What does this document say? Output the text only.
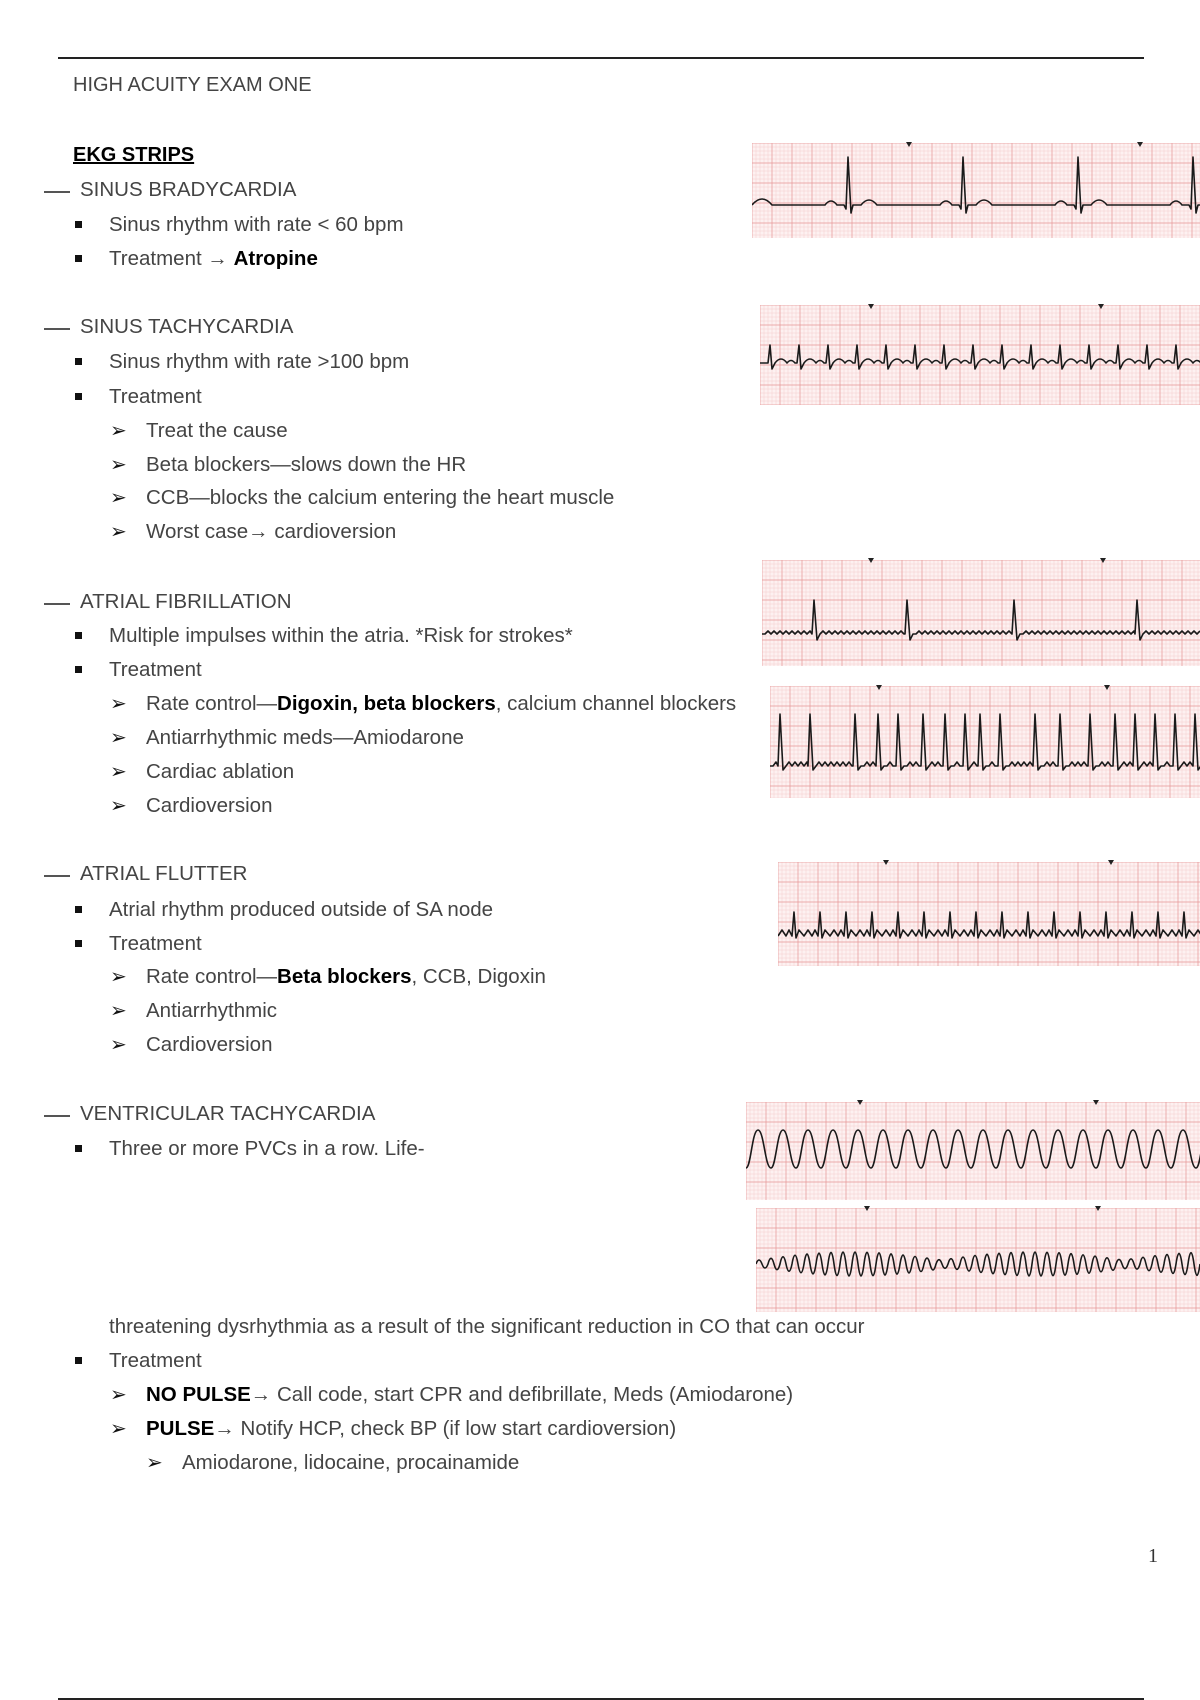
HIGH ACUITY EXAM ONE
EKG STRIPS
SINUS BRADYCARDIA
Sinus rhythm with rate < 60 bpm
Treatment → Atropine
SINUS TACHYCARDIA
Sinus rhythm with rate >100 bpm
Treatment
➢ Treat the cause
➢ Beta blockers—slows down the HR
➢ CCB—blocks the calcium entering the heart muscle
➢ Worst case→ cardioversion
ATRIAL FIBRILLATION
Multiple impulses within the atria. *Risk for strokes*
Treatment
➢ Rate control—Digoxin, beta blockers, calcium channel blockers
➢ Antiarrhythmic meds—Amiodarone
➢ Cardiac ablation
➢ Cardioversion
ATRIAL FLUTTER
Atrial rhythm produced outside of SA node
Treatment
➢ Rate control—Beta blockers, CCB, Digoxin
➢ Antiarrhythmic
➢ Cardioversion
VENTRICULAR TACHYCARDIA
Three or more PVCs in a row. Life-
threatening dysrhythmia as a result of the significant reduction in CO that can occur
Treatment
➢ NO PULSE→ Call code, start CPR and defibrillate, Meds (Amiodarone)
➢ PULSE→ Notify HCP, check BP (if low start cardioversion)
➢ Amiodarone, lidocaine, procainamide
1
